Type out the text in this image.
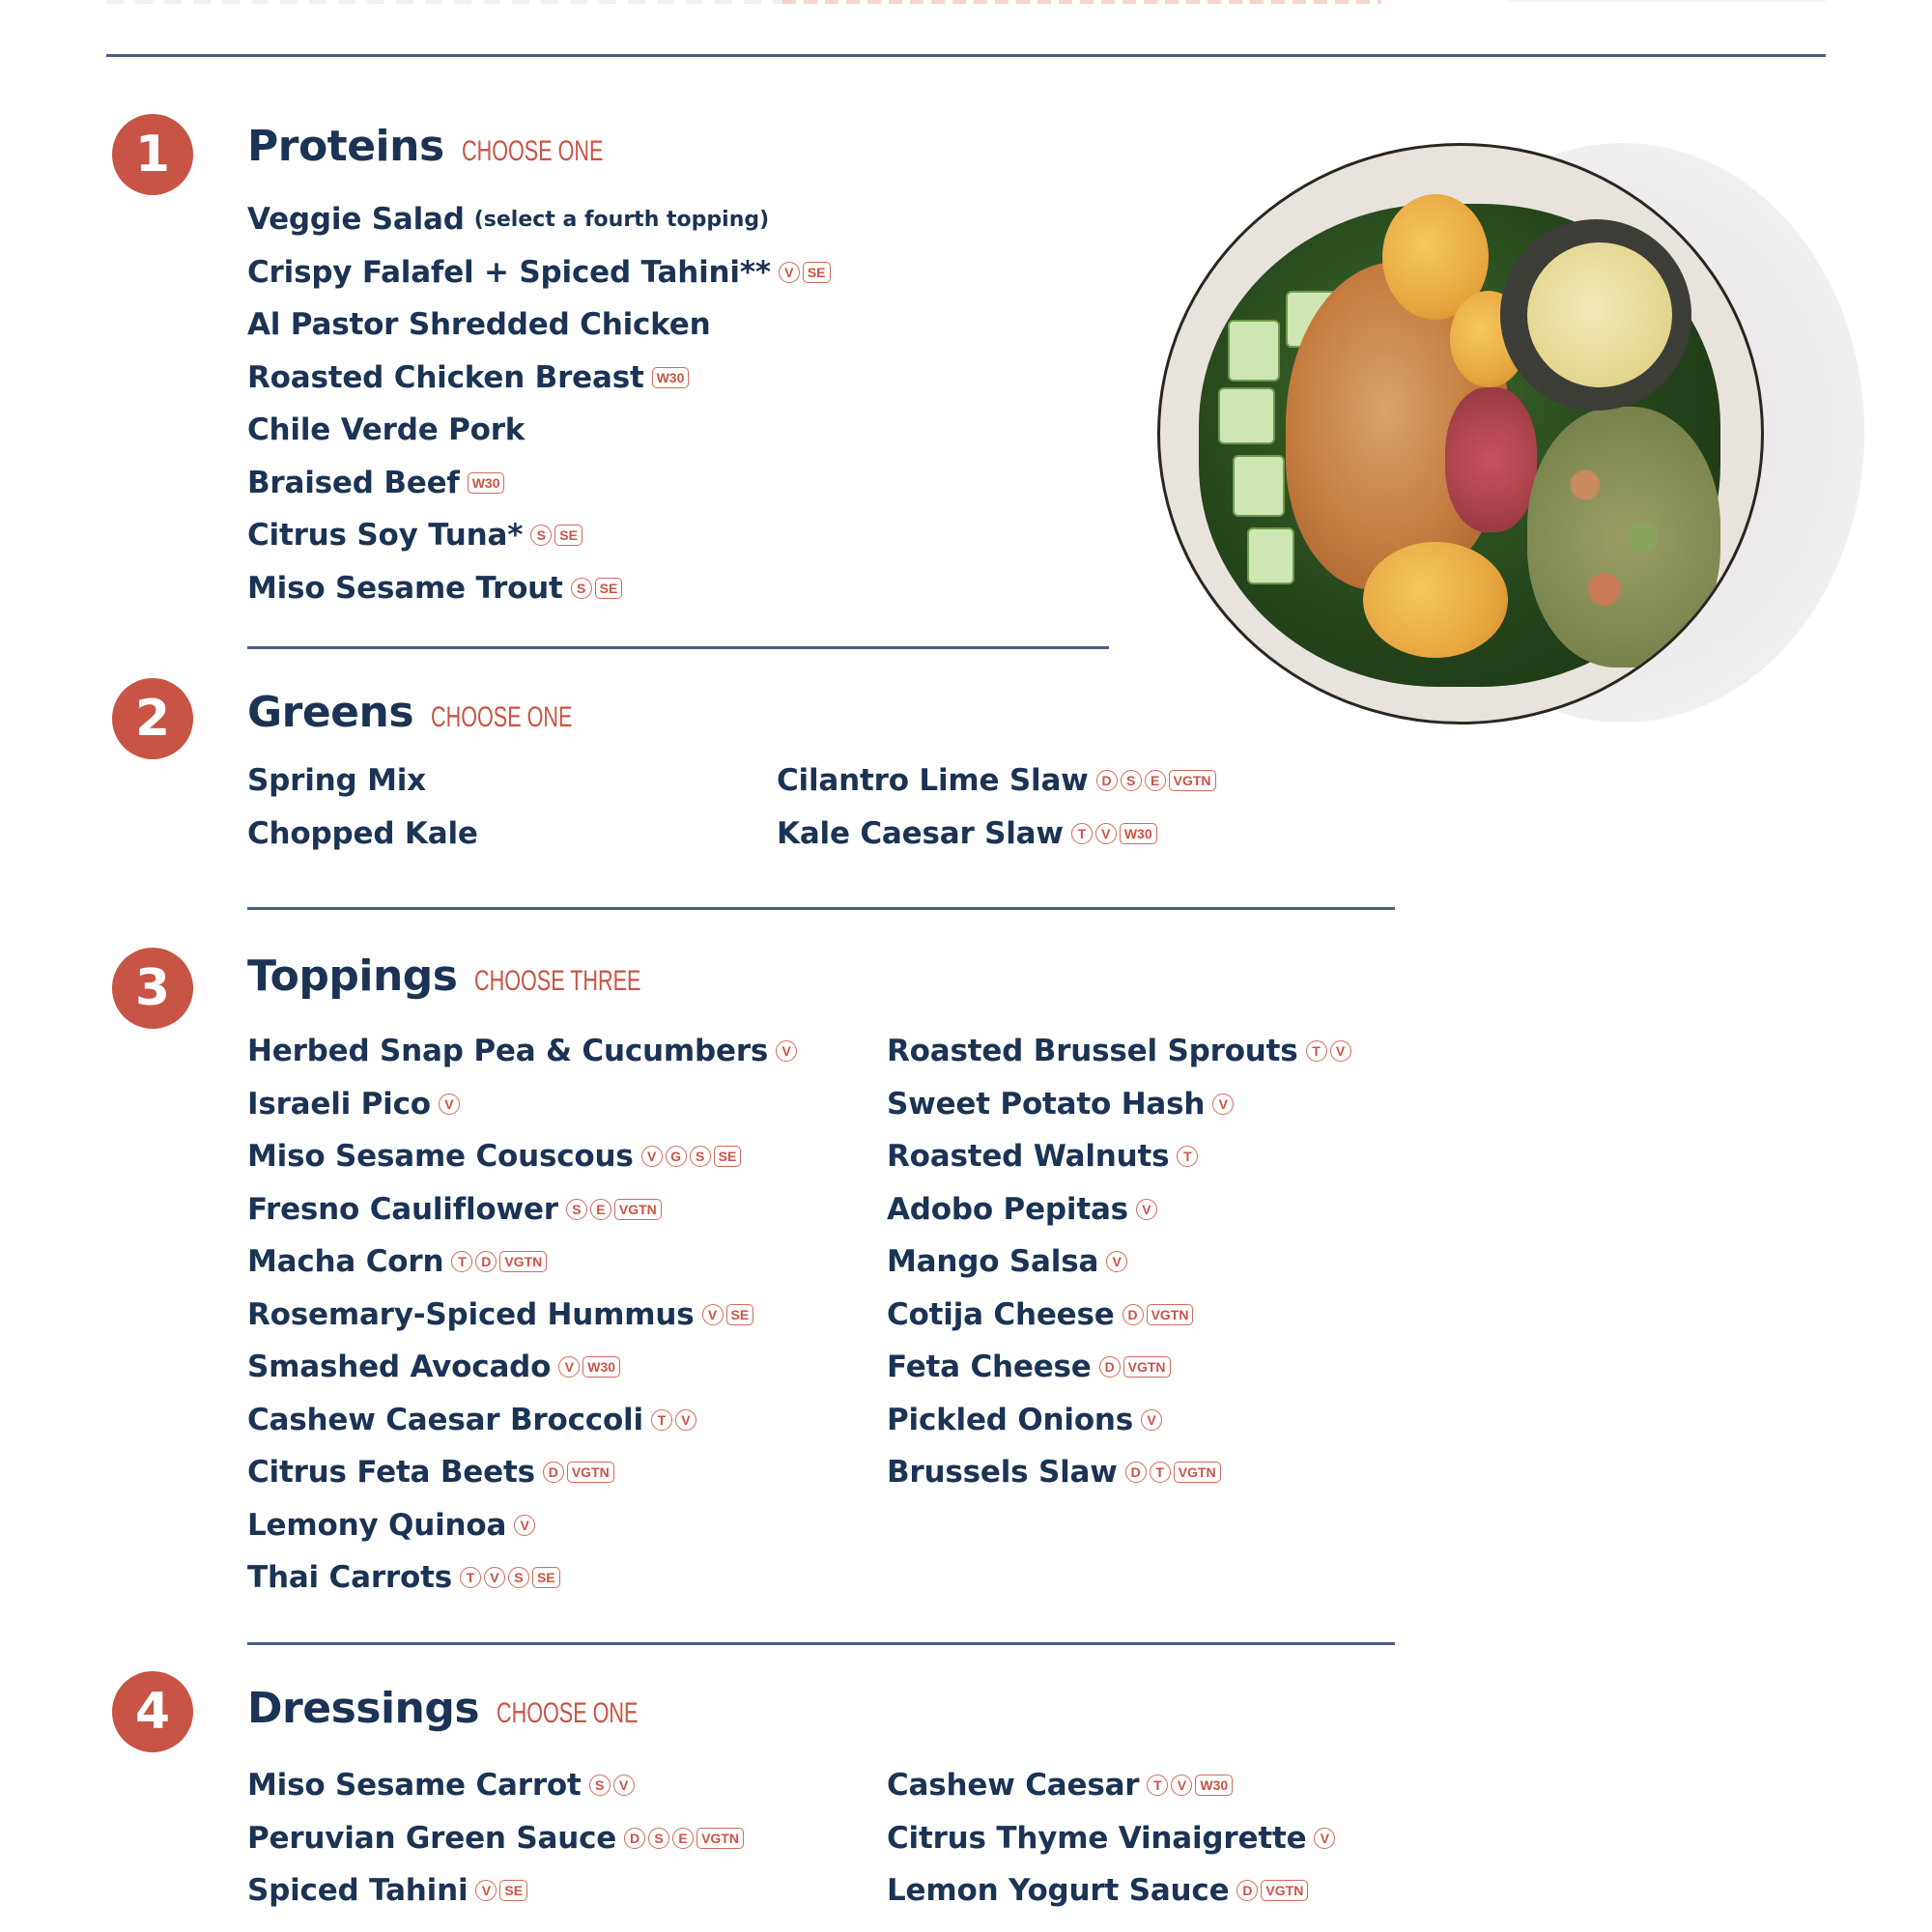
1	Proteins CHOOSE ONE
Veggie Salad (select a fourth topping)
Crispy Falafel + Spiced Tahini**	V	SE
Al Pastor Shredded Chicken
Roasted Chicken Breast W30
Chile Verde Pork
Braised Beef W30
Citrus Soy Tuna*	S	SE
Miso Sesame Trout	S	SE
2	Greens CHOOSE ONE
Spring Mix
Chopped Kale
Cilantro Lime Slaw D	S	E	VGTN
Kale Caesar Slaw	T	V	W30
3	Toppings CHOOSE THREE
Herbed Snap Pea & Cucumbers	V
Israeli Pico	V
Miso Sesame Couscous	V	G	S	SE
Fresno Cauliflower	S	E	VGTN
Macha Corn	T	D VGTN
Rosemary-Spiced Hummus	V	SE
Smashed Avocado	V	W30
Cashew Caesar Broccoli	T	V
Citrus Feta Beets D VGTN
Lemony Quinoa	V
Thai Carrots	T	V	S	SE
Roasted Brussel Sprouts	T	V
Sweet Potato Hash	V
Roasted Walnuts	T
Adobo Pepitas	V
Mango Salsa	V
Cotija Cheese D VGTN
Feta Cheese D VGTN
Pickled Onions	V
Brussels Slaw D	T	VGTN
4	Dressings CHOOSE ONE
Miso Sesame Carrot	S	V
Peruvian Green Sauce D	S	E	VGTN
Spiced Tahini	V	SE
Cashew Caesar	T	V	W30
Citrus Thyme Vinaigrette	V
Lemon Yogurt Sauce D VGTN
